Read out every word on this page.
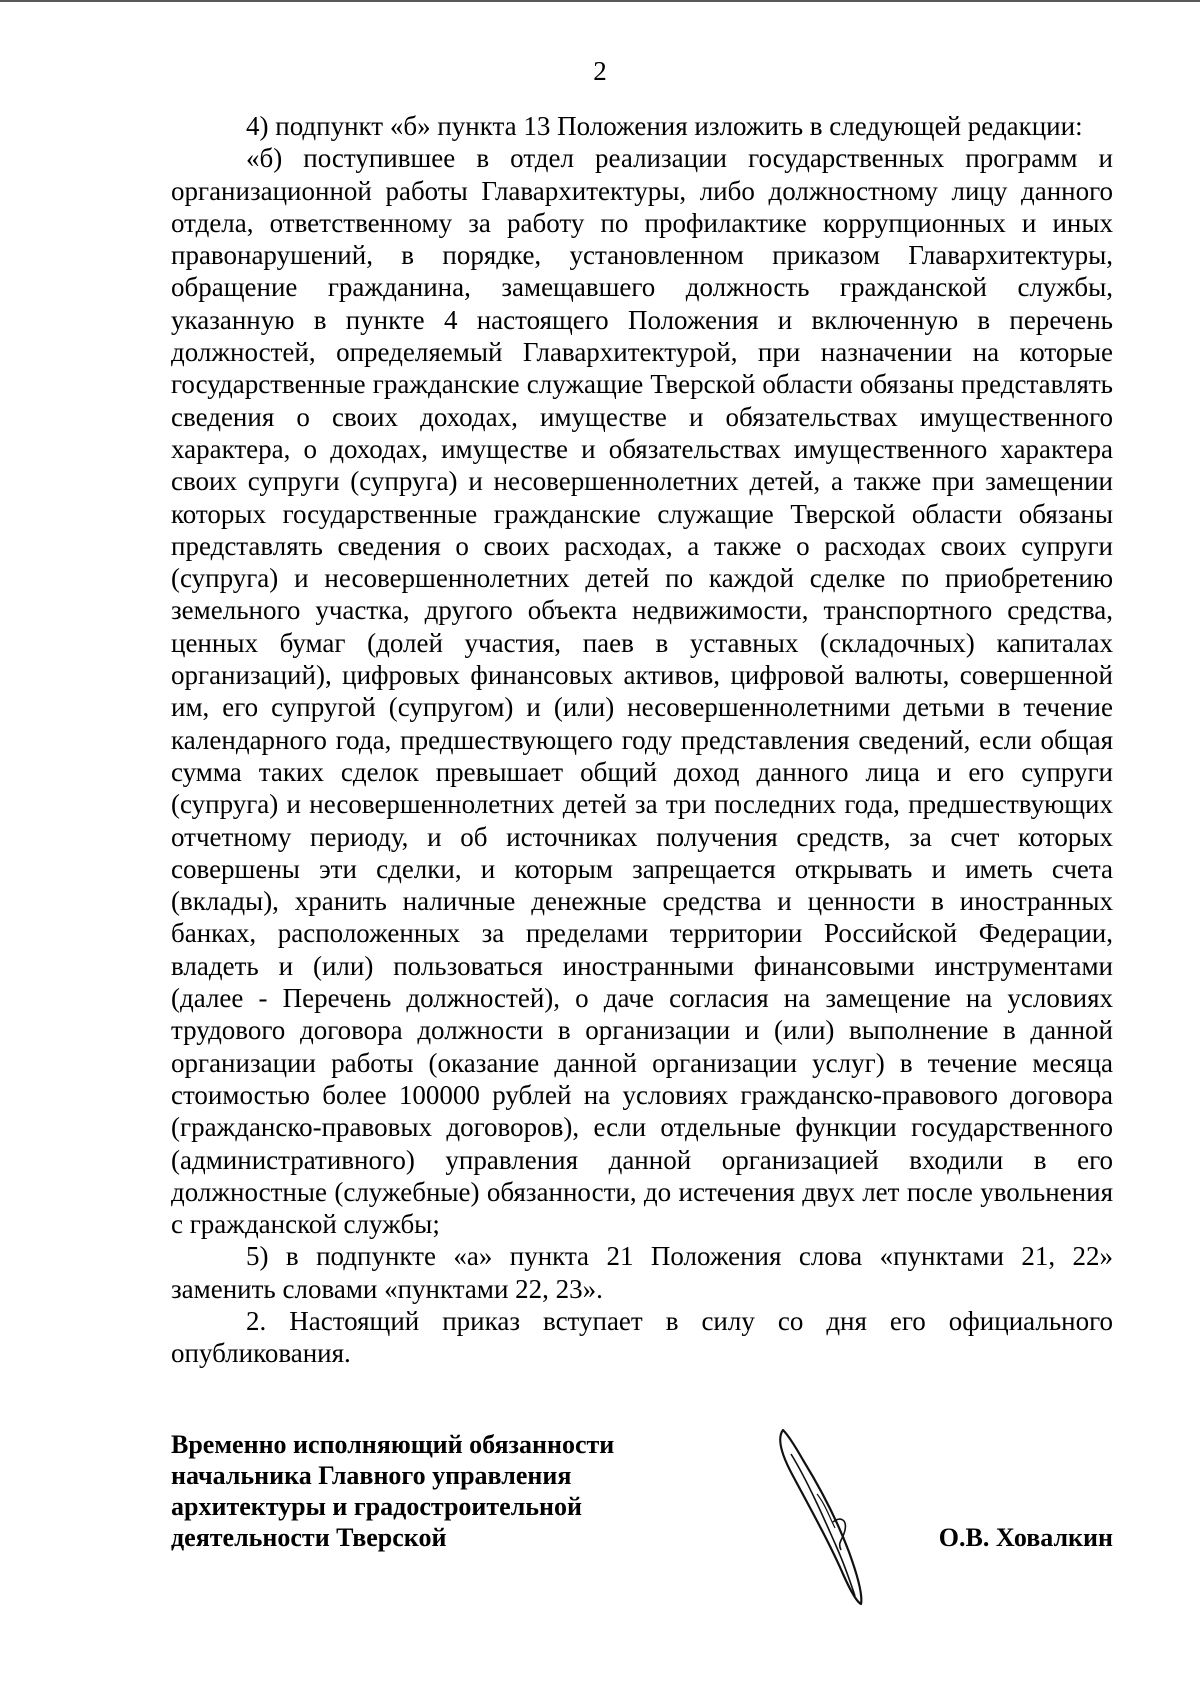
2

4) подпункт «б» пункта 13 Положения изложить в следующей редакции:

«б) поступившее в отдел реализации государственных программ и организационной работы Главархитектуры, либо должностному лицу данного отдела, ответственному за работу по профилактике коррупционных и иных правонарушений, в порядке, установленном приказом Главархитектуры, обращение гражданина, замещавшего должность гражданской службы, указанную в пункте 4 настоящего Положения и включенную в перечень должностей, определяемый Главархитектурой, при назначении на которые государственные гражданские служащие Тверской области обязаны представлять сведения о своих доходах, имуществе и обязательствах имущественного характера, о доходах, имуществе и обязательствах имущественного характера своих супруги (супруга) и несовершеннолетних детей, а также при замещении которых государственные гражданские служащие Тверской области обязаны представлять сведения о своих расходах, а также о расходах своих супруги (супруга) и несовершеннолетних детей по каждой сделке по приобретению земельного участка, другого объекта недвижимости, транспортного средства, ценных бумаг (долей участия, паев в уставных (складочных) капиталах организаций), цифровых финансовых активов, цифровой валюты, совершенной им, его супругой (супругом) и (или) несовершеннолетними детьми в течение календарного года, предшествующего году представления сведений, если общая сумма таких сделок превышает общий доход данного лица и его супруги (супруга) и несовершеннолетних детей за три последних года, предшествующих отчетному периоду, и об источниках получения средств, за счет которых совершены эти сделки, и которым запрещается открывать и иметь счета (вклады), хранить наличные денежные средства и ценности в иностранных банках, расположенных за пределами территории Российской Федерации, владеть и (или) пользоваться иностранными финансовыми инструментами (далее - Перечень должностей), о даче согласия на замещение на условиях трудового договора должности в организации и (или) выполнение в данной организации работы (оказание данной организации услуг) в течение месяца стоимостью более 100000 рублей на условиях гражданско-правового договора (гражданско-правовых договоров), если отдельные функции государственного (административного) управления данной организацией входили в его должностные (служебные) обязанности, до истечения двух лет после увольнения с гражданской службы;

5) в подпункте «а» пункта 21 Положения слова «пунктами 21, 22» заменить словами «пунктами 22, 23».

2. Настоящий приказ вступает в силу со дня его официального опубликования.

Временно исполняющий обязанности
начальника Главного управления
архитектуры и градостроительной
деятельности Тверской	О.В. Ховалкин
